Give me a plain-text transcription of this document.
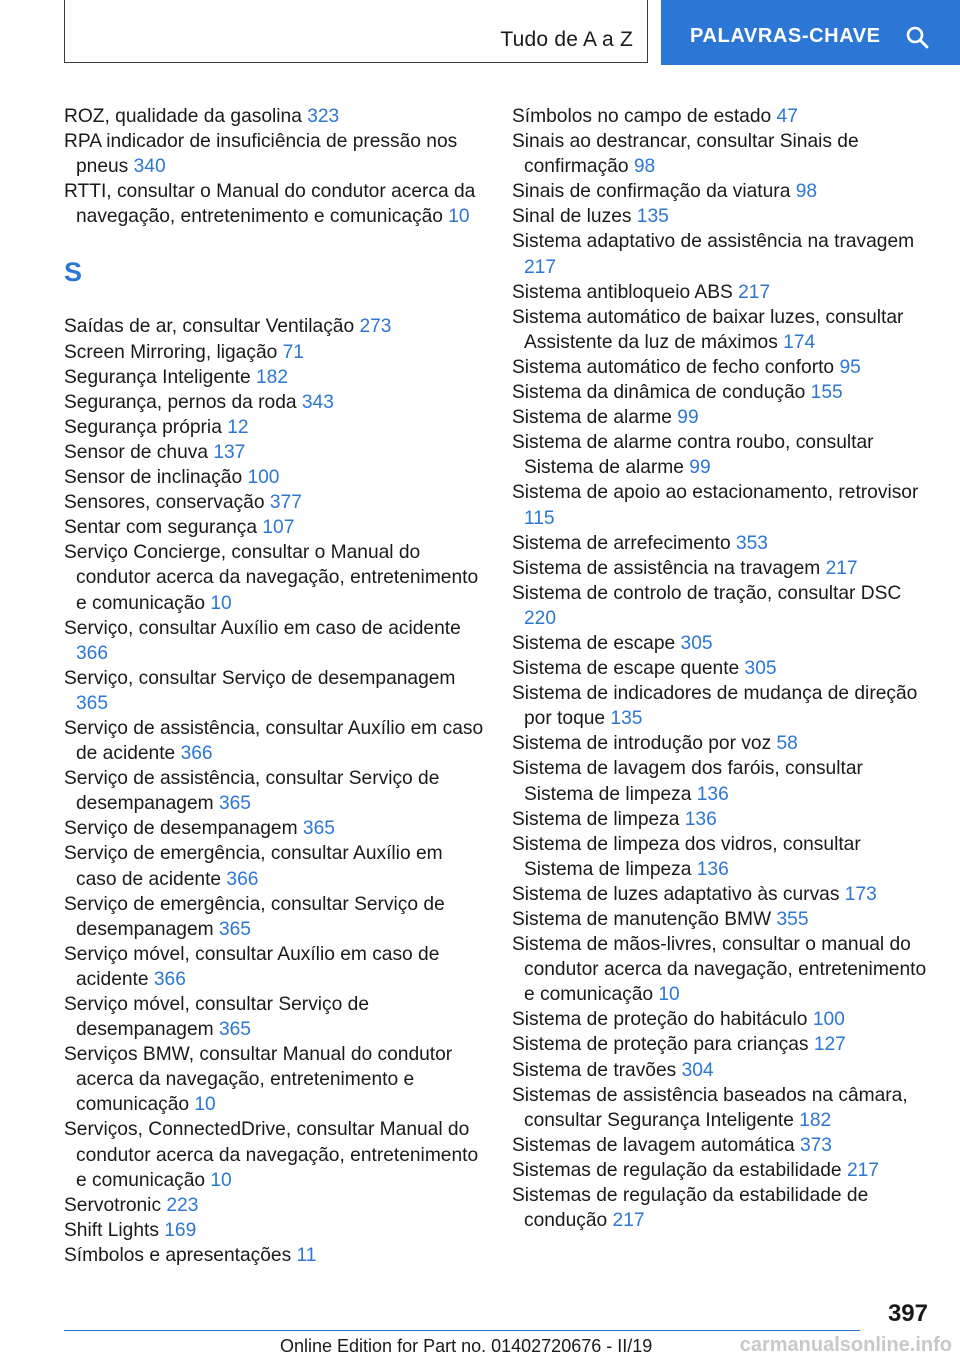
Tudo de A a Z	PALAVRAS-CHAVE
ROZ, qualidade da gasolina 323
RPA indicador de insuficiência de pressão nos pneus 340
RTTI, consultar o Manual do condutor acerca da navegação, entretenimento e comunicação 10
S
Saídas de ar, consultar Ventilação 273
Screen Mirroring, ligação 71
Segurança Inteligente 182
Segurança, pernos da roda 343
Segurança própria 12
Sensor de chuva 137
Sensor de inclinação 100
Sensores, conservação 377
Sentar com segurança 107
Serviço Concierge, consultar o Manual do condutor acerca da navegação, entretenimento e comunicação 10
Serviço, consultar Auxílio em caso de acidente 366
Serviço, consultar Serviço de desempanagem 365
Serviço de assistência, consultar Auxílio em caso de acidente 366
Serviço de assistência, consultar Serviço de desempanagem 365
Serviço de desempanagem 365
Serviço de emergência, consultar Auxílio em caso de acidente 366
Serviço de emergência, consultar Serviço de desempanagem 365
Serviço móvel, consultar Auxílio em caso de acidente 366
Serviço móvel, consultar Serviço de desempanagem 365
Serviços BMW, consultar Manual do condutor acerca da navegação, entretenimento e comunicação 10
Serviços, ConnectedDrive, consultar Manual do condutor acerca da navegação, entretenimento e comunicação 10
Servotronic 223
Shift Lights 169
Símbolos e apresentações 11
Símbolos no campo de estado 47
Sinais ao destrancar, consultar Sinais de confirmação 98
Sinais de confirmação da viatura 98
Sinal de luzes 135
Sistema adaptativo de assistência na travagem 217
Sistema antibloqueio ABS 217
Sistema automático de baixar luzes, consultar Assistente da luz de máximos 174
Sistema automático de fecho conforto 95
Sistema da dinâmica de condução 155
Sistema de alarme 99
Sistema de alarme contra roubo, consultar Sistema de alarme 99
Sistema de apoio ao estacionamento, retrovisor 115
Sistema de arrefecimento 353
Sistema de assistência na travagem 217
Sistema de controlo de tração, consultar DSC 220
Sistema de escape 305
Sistema de escape quente 305
Sistema de indicadores de mudança de direção por toque 135
Sistema de introdução por voz 58
Sistema de lavagem dos faróis, consultar Sistema de limpeza 136
Sistema de limpeza 136
Sistema de limpeza dos vidros, consultar Sistema de limpeza 136
Sistema de luzes adaptativo às curvas 173
Sistema de manutenção BMW 355
Sistema de mãos-livres, consultar o manual do condutor acerca da navegação, entretenimento e comunicação 10
Sistema de proteção do habitáculo 100
Sistema de proteção para crianças 127
Sistema de travões 304
Sistemas de assistência baseados na câmara, consultar Segurança Inteligente 182
Sistemas de lavagem automática 373
Sistemas de regulação da estabilidade 217
Sistemas de regulação da estabilidade de condução 217
397
Online Edition for Part no. 01402720676 - II/19	carmanualsonline.info
